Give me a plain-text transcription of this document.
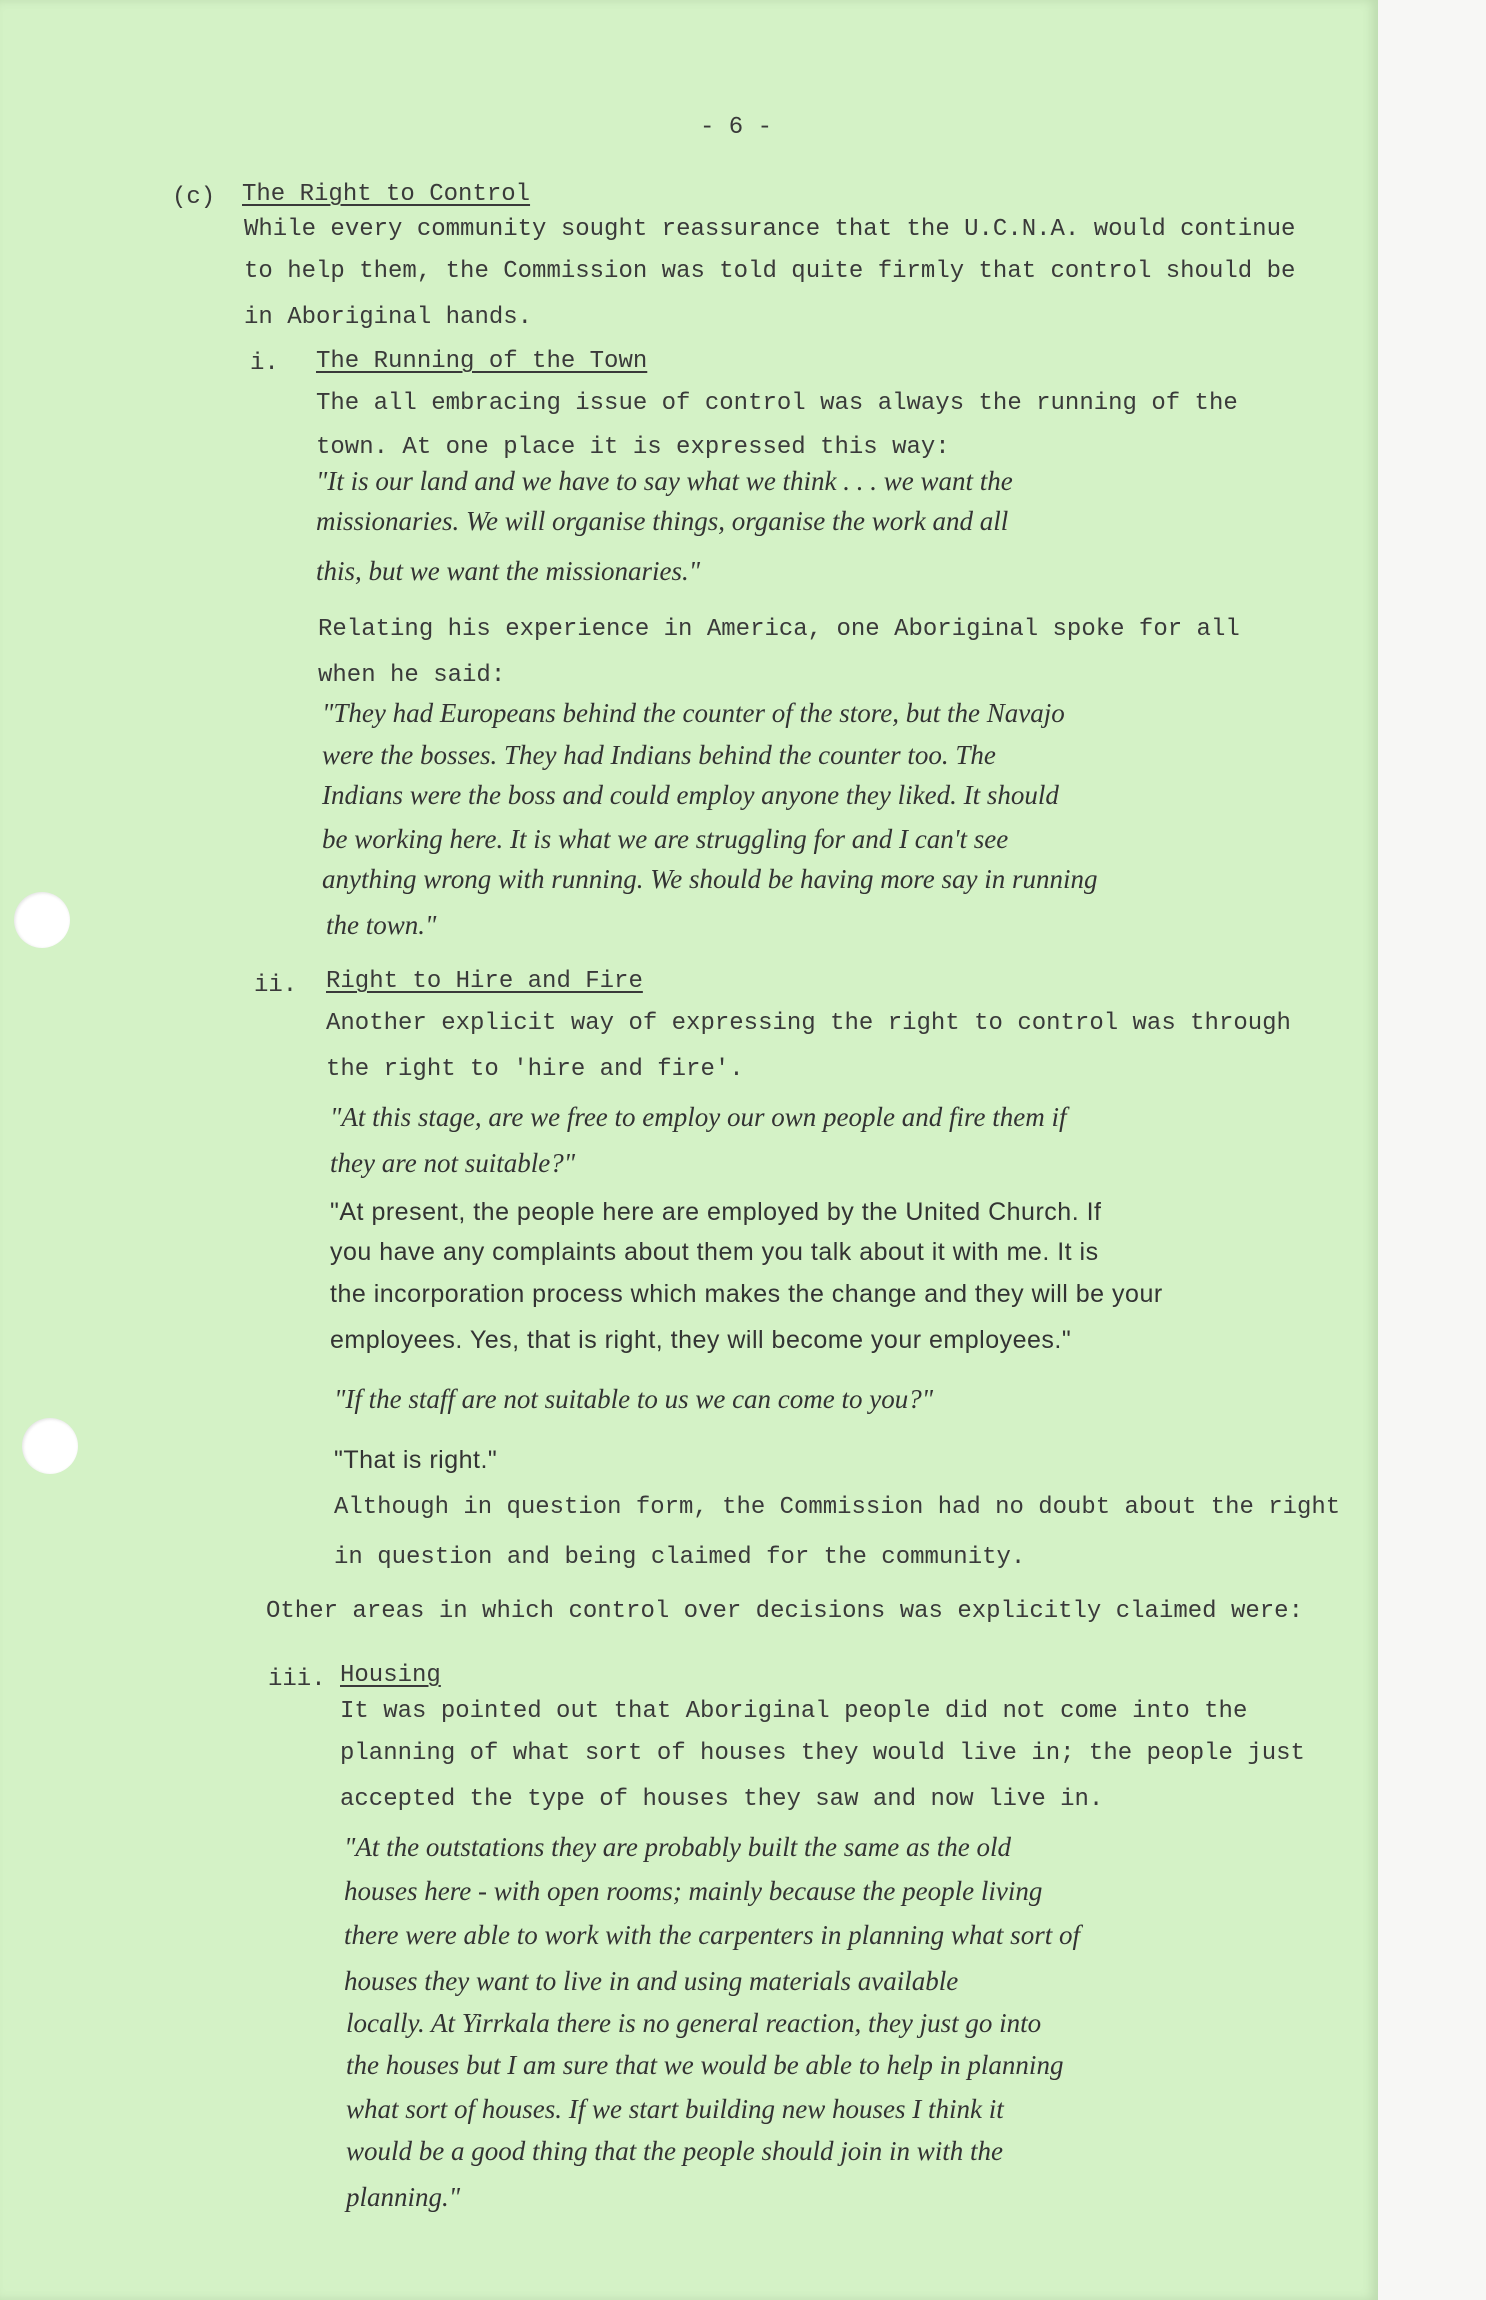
- 6 -
(c) The Right to Control
While every community sought reassurance that the U.C.N.A. would continue
to help them, the Commission was told quite firmly that control should be
in Aboriginal hands.
i. The Running of the Town
The all embracing issue of control was always the running of the
town. At one place it is expressed this way:
"It is our land and we have to say what we think . . . we want the
missionaries. We will organise things, organise the work and all
this, but we want the missionaries."
Relating his experience in America, one Aboriginal spoke for all
when he said:
"They had Europeans behind the counter of the store, but the Navajo
were the bosses. They had Indians behind the counter too. The
Indians were the boss and could employ anyone they liked. It should
be working here. It is what we are struggling for and I can't see
anything wrong with running. We should be having more say in running
the town."
ii. Right to Hire and Fire
Another explicit way of expressing the right to control was through
the right to 'hire and fire'.
"At this stage, are we free to employ our own people and fire them if
they are not suitable?"
"At present, the people here are employed by the United Church. If
you have any complaints about them you talk about it with me. It is
the incorporation process which makes the change and they will be your
employees. Yes, that is right, they will become your employees."
"If the staff are not suitable to us we can come to you?"
"That is right."
Although in question form, the Commission had no doubt about the right
in question and being claimed for the community.
Other areas in which control over decisions was explicitly claimed were:
iii. Housing
It was pointed out that Aboriginal people did not come into the
planning of what sort of houses they would live in; the people just
accepted the type of houses they saw and now live in.
"At the outstations they are probably built the same as the old
houses here - with open rooms; mainly because the people living
there were able to work with the carpenters in planning what sort of
houses they want to live in and using materials available
locally. At Yirrkala there is no general reaction, they just go into
the houses but I am sure that we would be able to help in planning
what sort of houses. If we start building new houses I think it
would be a good thing that the people should join in with the
planning."
